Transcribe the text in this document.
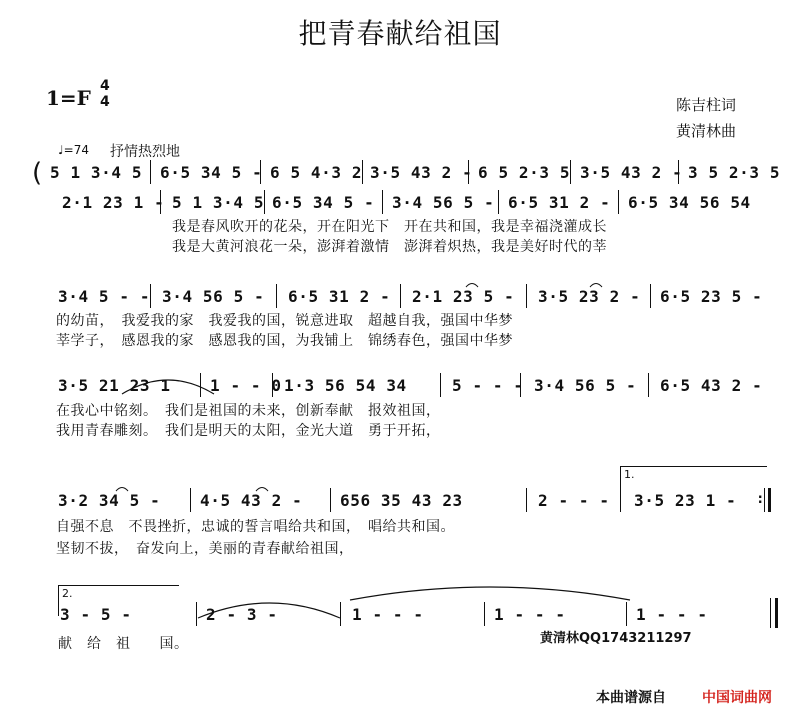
把青春献给祖国
1=F 4
4	陈吉柱词
黄清林曲
♩=74 抒情热烈地
( 5 1 3·4 5 6·5 34 5 - 6 5 4·3 2 3·5 43 2 - 6 5 2·3 5 3·5 43 2 - 3 5 2·3 5
2·1 23 1 - 5 1 3·4 5 6·5 34 5 - 3·4 56 5 - 6·5 31 2 - 6·5 34 56 54
我是春风吹开的花朵，开在阳光下　开在共和国，我是幸福浇灌成长
我是大黄河浪花一朵，澎湃着激情　澎湃着炽热，我是美好时代的莘
3·4 5 - - 3·4 56 5 - 6·5 31 2 - 2·1 23 5 - 3·5 23 2 - 6·5 23 5 -
的幼苗，　我爱我的家　我爱我的国，锐意进取　超越自我，强国中华梦
莘学子，　感恩我的家　感恩我的国，为我铺上　锦绣春色，强国中华梦
3·5 21 23 1 1 - - 0 1·3 56 54 34	5 - - - 3·4 56 5 - 6·5 43 2 -
在我心中铭刻。　我们是祖国的未来，创新奉献　报效祖国，
我用青春雕刻。　我们是明天的太阳，金光大道　勇于开拓，
1.
3·2 34 5 - 4·5 43 2 - 656 35 43 23	2 - - - 3·5 23 1 - :
自强不息　不畏挫折，忠诚的誓言唱给共和国，　唱给共和国。
坚韧不拔，　奋发向上，美丽的青春献给祖国，
2.
3 - 5 -	2 - 3 -	1 - - -	1 - - -	1 - - -
献　给　祖　　国。	黄清林QQ1743211297
本曲谱源自	中国词曲网
